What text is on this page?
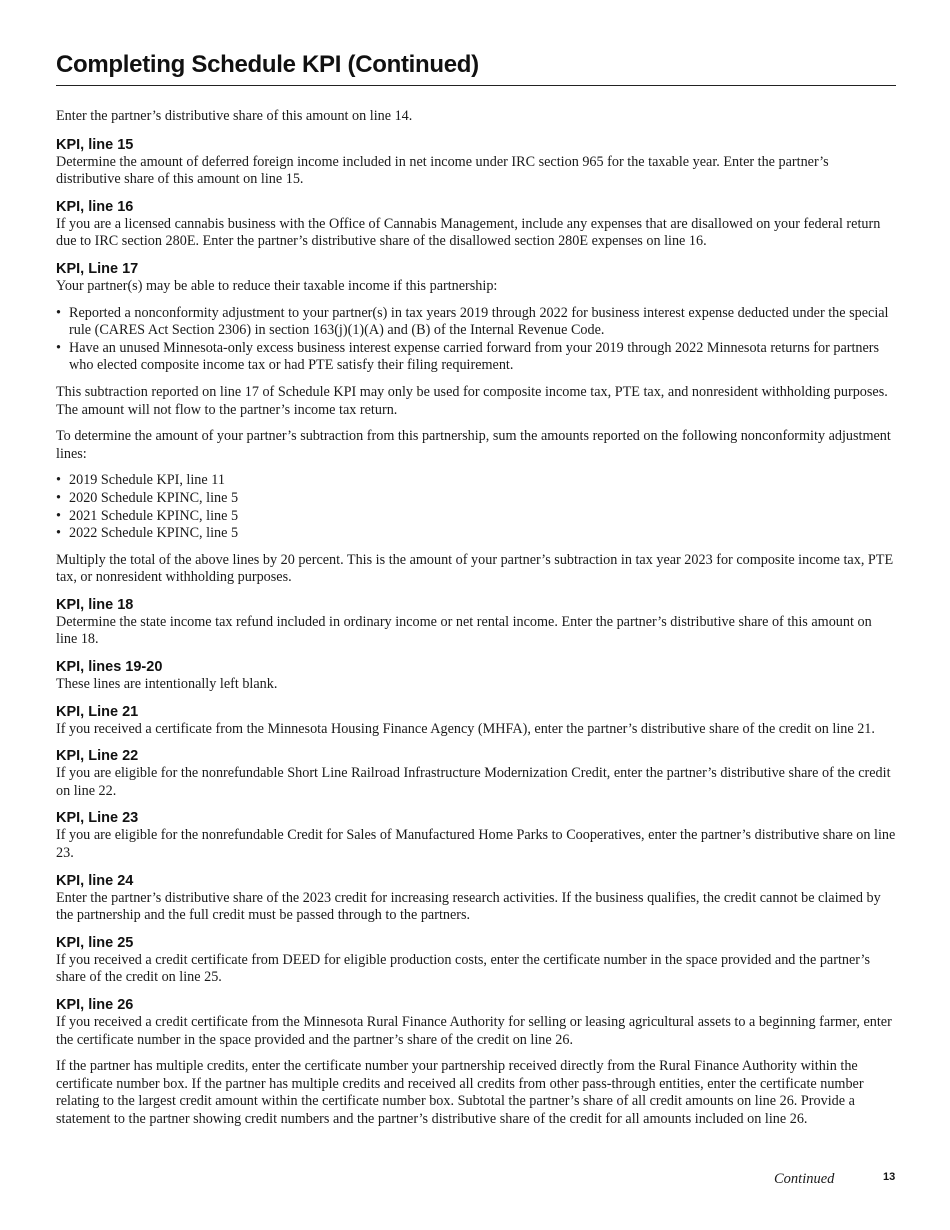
Completing Schedule KPI (Continued)

Enter the partner’s distributive share of this amount on line 14.

KPI, line 15

Determine the amount of deferred foreign income included in net income under IRC section 965 for the taxable year. Enter the partner’s distributive share of this amount on line 15.

KPI, line 16

If you are a licensed cannabis business with the Office of Cannabis Management, include any expenses that are disallowed on your federal return due to IRC section 280E. Enter the partner’s distributive share of the disallowed section 280E expenses on line 16.

KPI, Line 17

Your partner(s) may be able to reduce their taxable income if this partnership:

• Reported a nonconformity adjustment to your partner(s) in tax years 2019 through 2022 for business interest expense deducted under the special rule (CARES Act Section 2306) in section 163(j)(1)(A) and (B) of the Internal Revenue Code.
• Have an unused Minnesota-only excess business interest expense carried forward from your 2019 through 2022 Minnesota returns for partners who elected composite income tax or had PTE satisfy their filing requirement.

This subtraction reported on line 17 of Schedule KPI may only be used for composite income tax, PTE tax, and nonresident withholding purposes. The amount will not flow to the partner’s income tax return.

To determine the amount of your partner’s subtraction from this partnership, sum the amounts reported on the following nonconformity adjustment lines:

• 2019 Schedule KPI, line 11
• 2020 Schedule KPINC, line 5
• 2021 Schedule KPINC, line 5
• 2022 Schedule KPINC, line 5

Multiply the total of the above lines by 20 percent. This is the amount of your partner’s subtraction in tax year 2023 for composite income tax, PTE tax, or nonresident withholding purposes.

KPI, line 18

Determine the state income tax refund included in ordinary income or net rental income. Enter the partner’s distributive share of this amount on line 18.

KPI, lines 19-20

These lines are intentionally left blank.

KPI, Line 21

If you received a certificate from the Minnesota Housing Finance Agency (MHFA), enter the partner’s distributive share of the credit on line 21.

KPI, Line 22

If you are eligible for the nonrefundable Short Line Railroad Infrastructure Modernization Credit, enter the partner’s distributive share of the credit on line 22.

KPI, Line 23

If you are eligible for the nonrefundable Credit for Sales of Manufactured Home Parks to Cooperatives, enter the partner’s distributive share on line 23.

KPI, line 24

Enter the partner’s distributive share of the 2023 credit for increasing research activities. If the business qualifies, the credit cannot be claimed by the partnership and the full credit must be passed through to the partners.

KPI, line 25

If you received a credit certificate from DEED for eligible production costs, enter the certificate number in the space provided and the partner’s share of the credit on line 25.

KPI, line 26

If you received a credit certificate from the Minnesota Rural Finance Authority for selling or leasing agricultural assets to a beginning farmer, enter the certificate number in the space provided and the partner’s share of the credit on line 26.

If the partner has multiple credits, enter the certificate number your partnership received directly from the Rural Finance Authority within the certificate number box. If the partner has multiple credits and received all credits from other pass-through entities, enter the certificate number relating to the largest credit amount within the certificate number box. Subtotal the partner’s share of all credit amounts on line 26. Provide a statement to the partner showing credit numbers and the partner’s distributive share of the credit for all amounts included on line 26.

Continued	13
